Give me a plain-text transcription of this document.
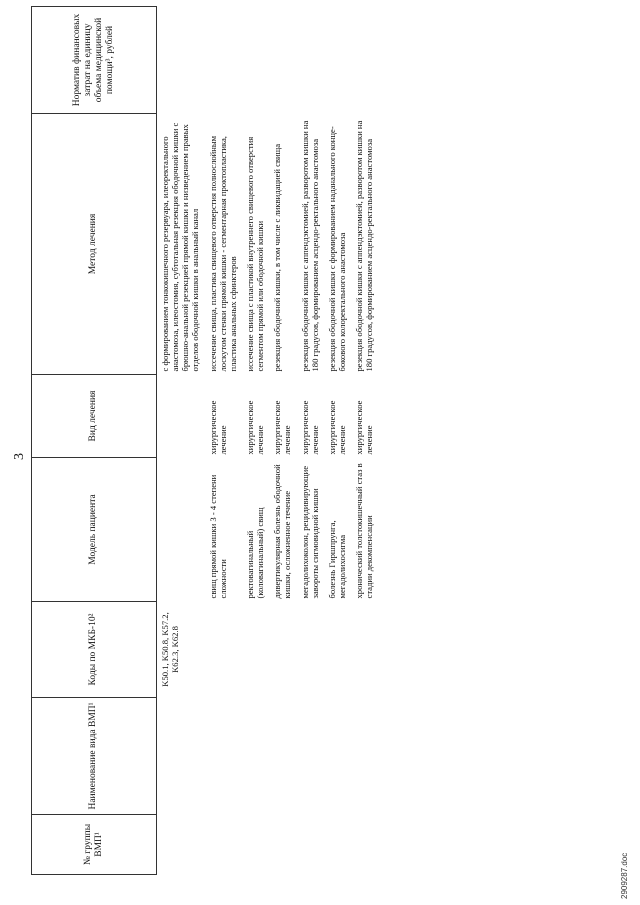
3
№ группы ВМП¹	Наименование вида ВМП¹	Коды по МКБ-10²	Модель пациента	Вид лечения	Метод лечения	Норматив финансовых затрат на единицу объема медицинской помощи³, рублей
		K50.1, K50.8, K57.2, K62.3, K62.8			с формированием тонкокишечного резервуара, илеоректального анастомоза, илеостомия, субтотальная резекция ободочной кишки с брюшно-анальной резекцией прямой кишки и низведением правых отделов ободочной кишки в анальный канал	
			свищ прямой кишки 3 - 4 степени сложности	хирургическое лечение	иссечение свища, пластика свищевого отверстия полнослойным лоскутом стенки прямой кишки - сегментарная проктопластика, пластика анальных сфинктеров	
			ректовагинальный (коловагинальный) свищ	хирургическое лечение	иссечение свища с пластикой внутреннего свищевого отверстия сегментом прямой или ободочной кишки	
			дивертикулярная болезнь ободочной кишки, осложненное течение	хирургическое лечение	резекция ободочной кишки, в том числе с ликвидацией свища	
			мегадолихоколон, рецидивирующие завороты сигмовидной кишки	хирургическое лечение	резекция ободочной кишки с аппендэктомией, разворотом кишки на 180 градусов, формированием асцендо-ректального анастомоза	
			болезнь Гиршпрунга, мегадолихосигма	хирургическое лечение	резекция ободочной кишки с формированием наданального конце-бокового колоректального анастомоза	
			хронический толстокишечный стаз в стадии декомпенсации	хирургическое лечение	резекция ободочной кишки с аппендэктомией, разворотом кишки на 180 градусов, формированием асцендо-ректального анастомоза	
2909287.doc
